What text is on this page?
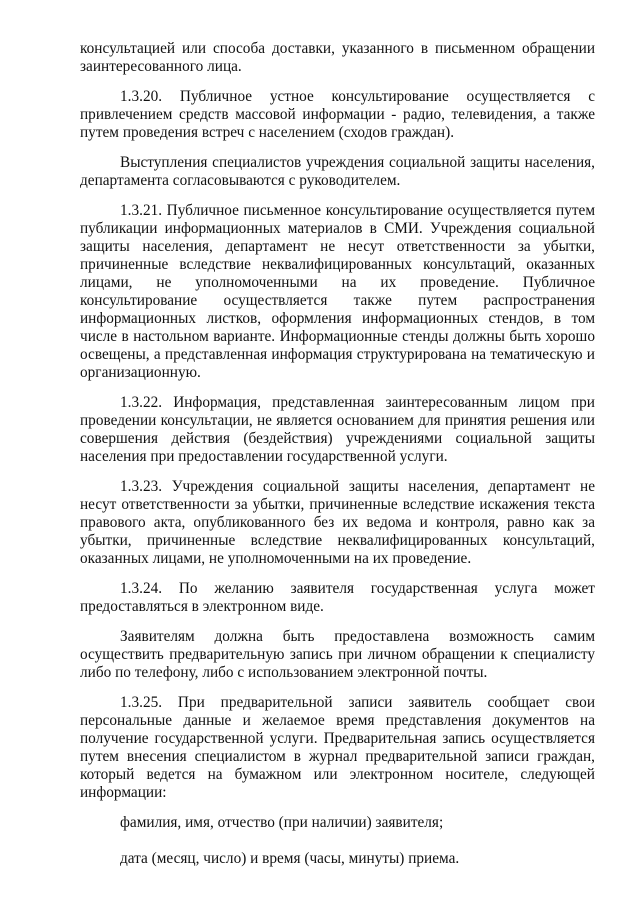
консультацией или способа доставки, указанного в письменном обращении заинтересованного лица.

1.3.20. Публичное устное консультирование осуществляется с привлечением средств массовой информации - радио, телевидения, а также путем проведения встреч с населением (сходов граждан).

Выступления специалистов учреждения социальной защиты населения, департамента согласовываются с руководителем.

1.3.21. Публичное письменное консультирование осуществляется путем публикации информационных материалов в СМИ. Учреждения социальной защиты населения, департамент не несут ответственности за убытки, причиненные вследствие неквалифицированных консультаций, оказанных лицами, не уполномоченными на их проведение. Публичное консультирование осуществляется также путем распространения информационных листков, оформления информационных стендов, в том числе в настольном варианте. Информационные стенды должны быть хорошо освещены, а представленная информация структурирована на тематическую и организационную.

1.3.22. Информация, представленная заинтересованным лицом при проведении консультации, не является основанием для принятия решения или совершения действия (бездействия) учреждениями социальной защиты населения при предоставлении государственной услуги.

1.3.23. Учреждения социальной защиты населения, департамент не несут ответственности за убытки, причиненные вследствие искажения текста правового акта, опубликованного без их ведома и контроля, равно как за убытки, причиненные вследствие неквалифицированных консультаций, оказанных лицами, не уполномоченными на их проведение.

1.3.24. По желанию заявителя государственная услуга может предоставляться в электронном виде.

Заявителям должна быть предоставлена возможность самим осуществить предварительную запись при личном обращении к специалисту либо по телефону, либо с использованием электронной почты.

1.3.25. При предварительной записи заявитель сообщает свои персональные данные и желаемое время представления документов на получение государственной услуги. Предварительная запись осуществляется путем внесения специалистом в журнал предварительной записи граждан, который ведется на бумажном или электронном носителе, следующей информации:

фамилия, имя, отчество (при наличии) заявителя;

дата (месяц, число) и время (часы, минуты) приема.
